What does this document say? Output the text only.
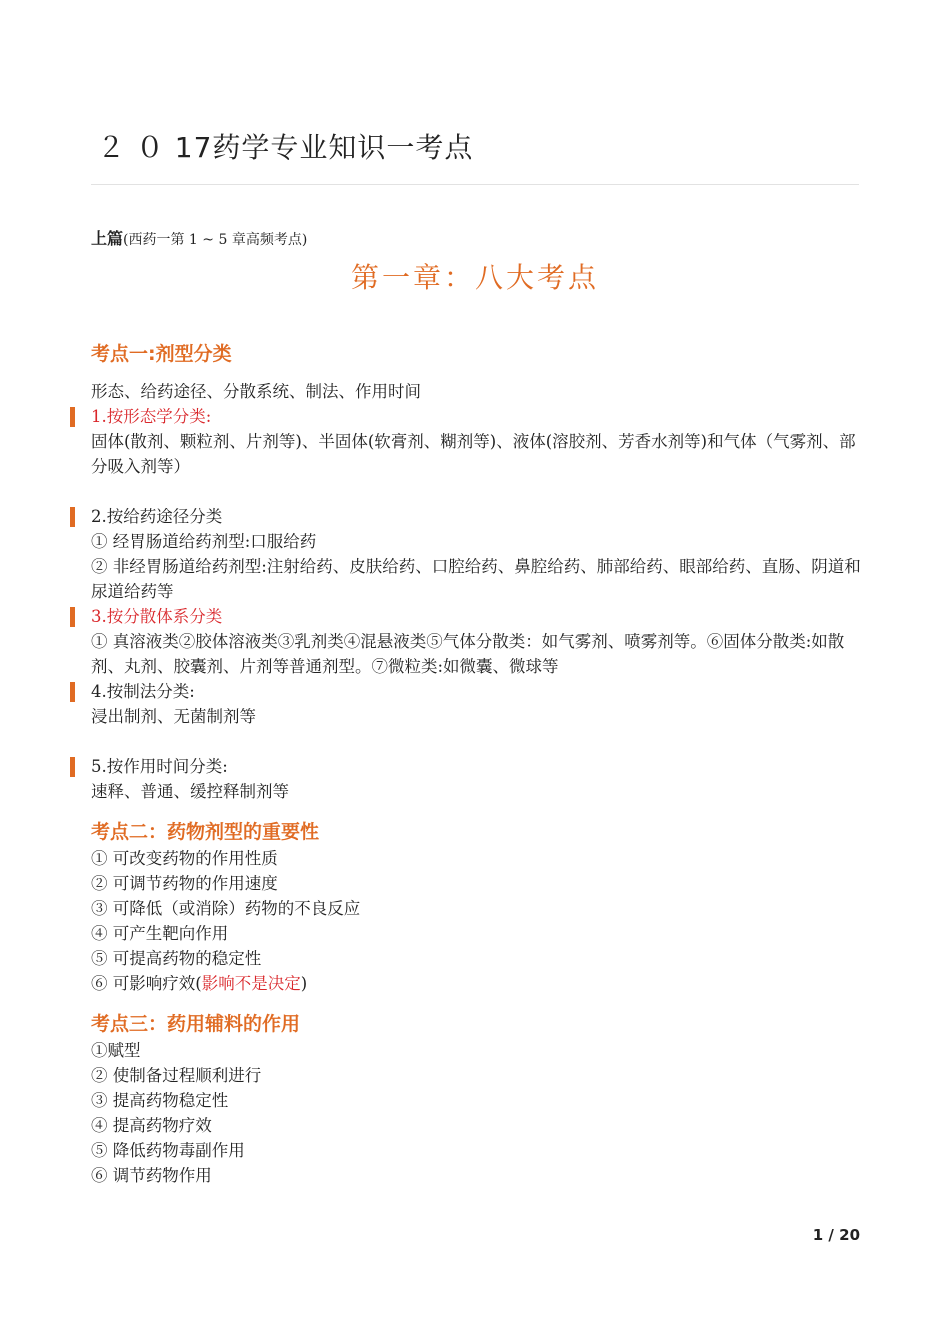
２ ０ 17药学专业知识一考点
上篇(西药一第 1 ~ 5 章高频考点)
第一章：八大考点
考点一:剂型分类

形态、给药途径、分散系统、制法、作用时间

1.按形态学分类:

固体(散剂、颗粒剂、片剂等)、半固体(软膏剂、糊剂等)、液体(溶胶剂、芳香水剂等)和气体（气雾剂、部分吸入剂等）

2.按给药途径分类

① 经胃肠道给药剂型:口服给药

② 非经胃肠道给药剂型:注射给药、皮肤给药、口腔给药、鼻腔给药、肺部给药、眼部给药、直肠、阴道和尿道给药等

3.按分散体系分类

① 真溶液类②胶体溶液类③乳剂类④混悬液类⑤气体分散类：如气雾剂、喷雾剂等。⑥固体分散类:如散剂、丸剂、胶囊剂、片剂等普通剂型。⑦微粒类:如微囊、微球等

4.按制法分类:

浸出制剂、无菌制剂等

5.按作用时间分类:

速释、普通、缓控释制剂等

考点二：药物剂型的重要性

① 可改变药物的作用性质

② 可调节药物的作用速度

③ 可降低（或消除）药物的不良反应

④ 可产生靶向作用

⑤ 可提高药物的稳定性

⑥ 可影响疗效(影响不是决定)

考点三：药用辅料的作用

①赋型

② 使制备过程顺利进行

③ 提高药物稳定性

④ 提高药物疗效

⑤ 降低药物毒副作用

⑥ 调节药物作用

1 / 20
